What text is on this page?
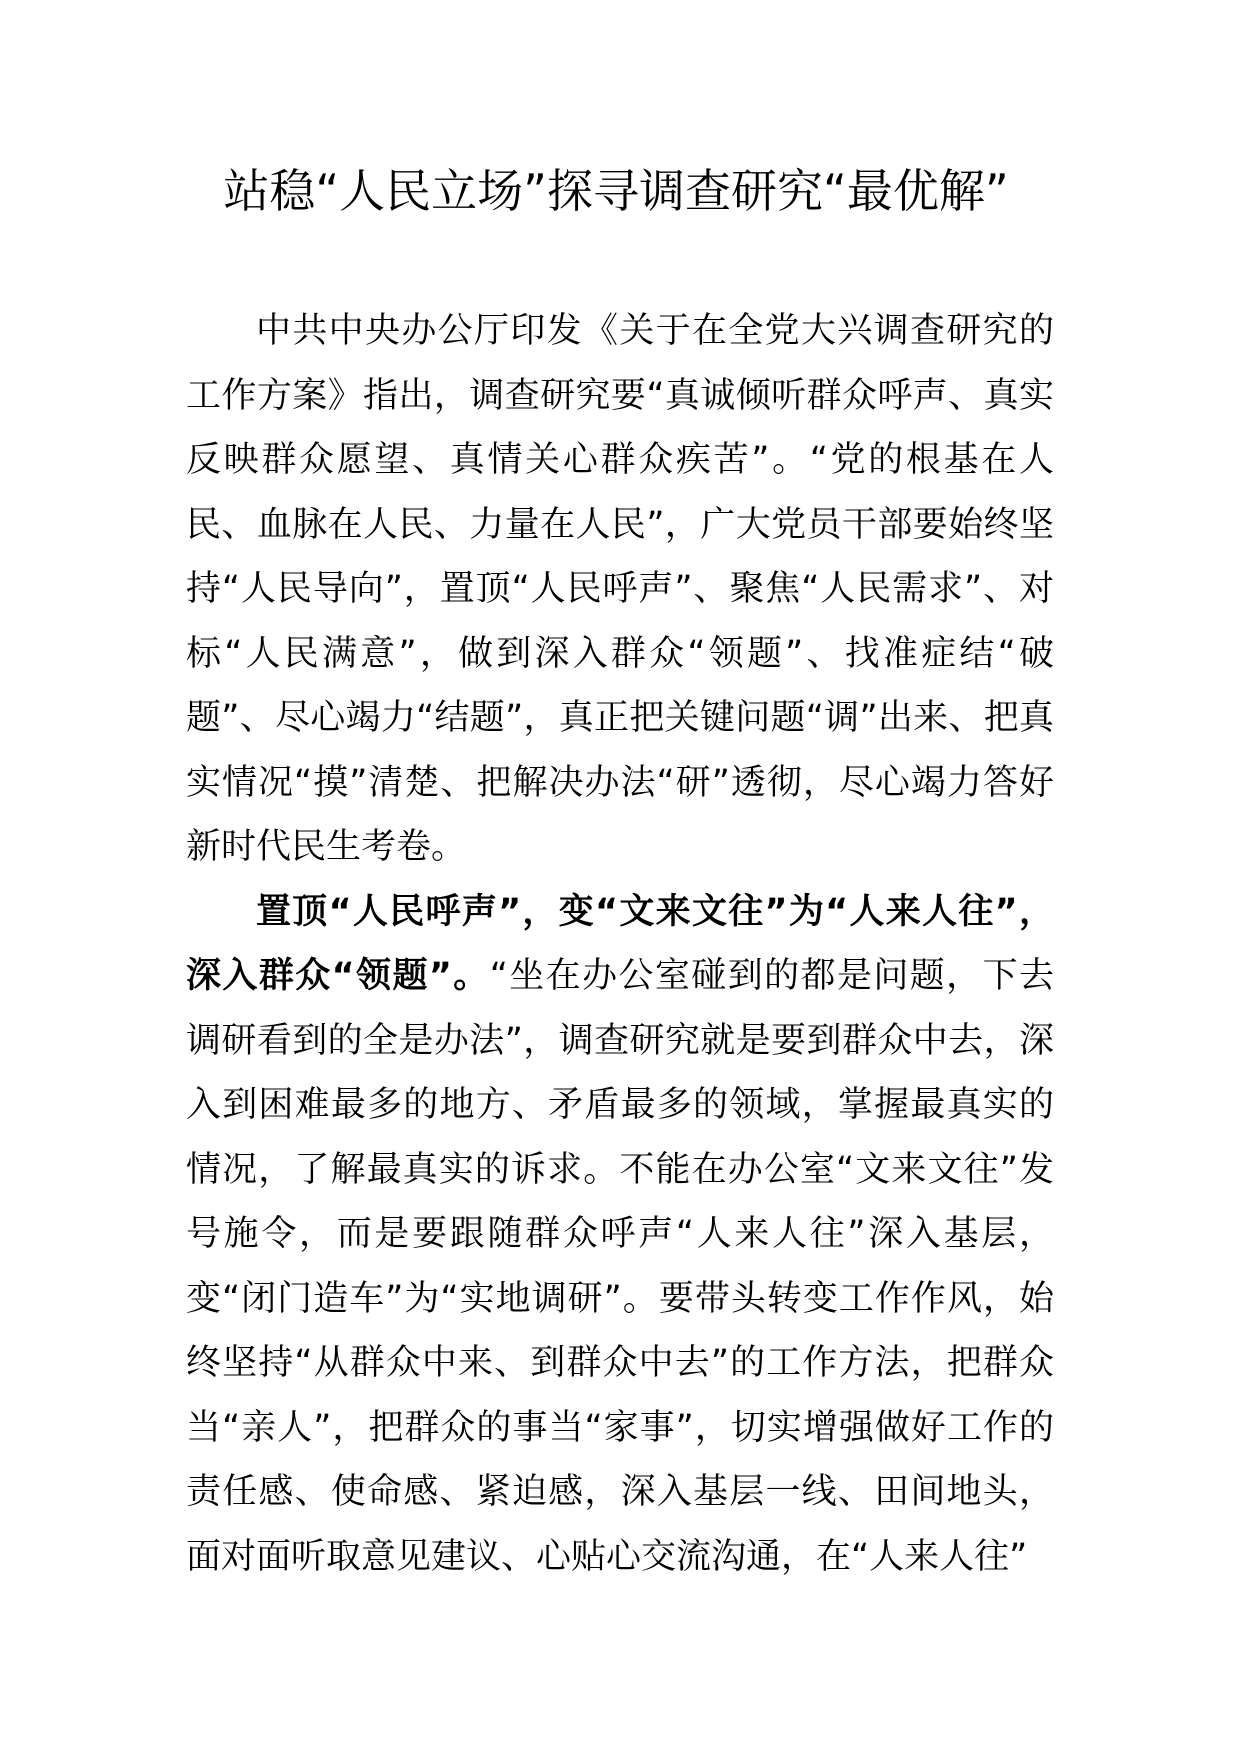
站稳“人民立场”探寻调查研究“最优解”

中共中央办公厅印发《关于在全党大兴调查研究的工作方案》指出，调查研究要“真诚倾听群众呼声、真实反映群众愿望、真情关心群众疾苦”。“党的根基在人民、血脉在人民、力量在人民”，广大党员干部要始终坚持“人民导向”，置顶“人民呼声”、聚焦“人民需求”、对标“人民满意”，做到深入群众“领题”、找准症结“破题”、尽心竭力“结题”，真正把关键问题“调”出来、把真实情况“摸”清楚、把解决办法“研”透彻，尽心竭力答好新时代民生考卷。

置顶“人民呼声”，变“文来文往”为“人来人往”，深入群众“领题”。“坐在办公室碰到的都是问题，下去调研看到的全是办法”，调查研究就是要到群众中去，深入到困难最多的地方、矛盾最多的领域，掌握最真实的情况，了解最真实的诉求。不能在办公室“文来文往”发号施令，而是要跟随群众呼声“人来人往”深入基层，变“闭门造车”为“实地调研”。要带头转变工作作风，始终坚持“从群众中来、到群众中去”的工作方法，把群众当“亲人”，把群众的事当“家事”，切实增强做好工作的责任感、使命感、紧迫感，深入基层一线、田间地头，面对面听取意见建议、心贴心交流沟通，在“人来人往”
